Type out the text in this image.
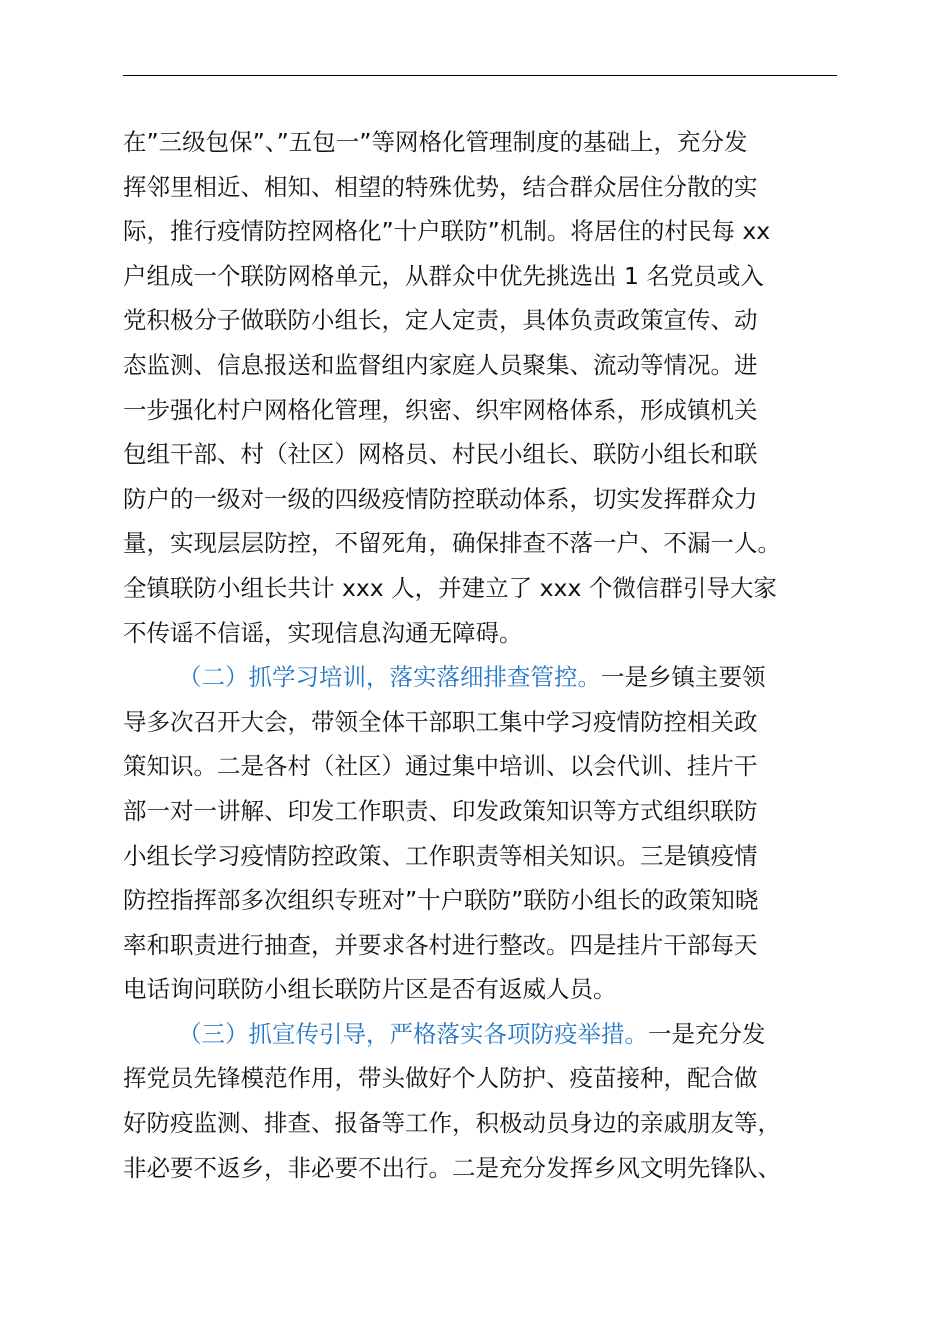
在”三级包保”、”五包一”等网格化管理制度的基础上，充分发
挥邻里相近、相知、相望的特殊优势，结合群众居住分散的实
际，推行疫情防控网格化”十户联防”机制。将居住的村民每 xx
户组成一个联防网格单元，从群众中优先挑选出 1 名党员或入
党积极分子做联防小组长，定人定责，具体负责政策宣传、动
态监测、信息报送和监督组内家庭人员聚集、流动等情况。进
一步强化村户网格化管理，织密、织牢网格体系，形成镇机关
包组干部、村（社区）网格员、村民小组长、联防小组长和联
防户的一级对一级的四级疫情防控联动体系，切实发挥群众力
量，实现层层防控，不留死角，确保排查不落一户、不漏一人。
全镇联防小组长共计 xxx 人，并建立了 xxx 个微信群引导大家
不传谣不信谣，实现信息沟通无障碍。
（二）抓学习培训，落实落细排查管控。一是乡镇主要领
导多次召开大会，带领全体干部职工集中学习疫情防控相关政
策知识。二是各村（社区）通过集中培训、以会代训、挂片干
部一对一讲解、印发工作职责、印发政策知识等方式组织联防
小组长学习疫情防控政策、工作职责等相关知识。三是镇疫情
防控指挥部多次组织专班对”十户联防”联防小组长的政策知晓
率和职责进行抽查，并要求各村进行整改。四是挂片干部每天
电话询问联防小组长联防片区是否有返威人员。
（三）抓宣传引导，严格落实各项防疫举措。一是充分发
挥党员先锋模范作用，带头做好个人防护、疫苗接种，配合做
好防疫监测、排查、报备等工作，积极动员身边的亲戚朋友等，
非必要不返乡，非必要不出行。二是充分发挥乡风文明先锋队、
